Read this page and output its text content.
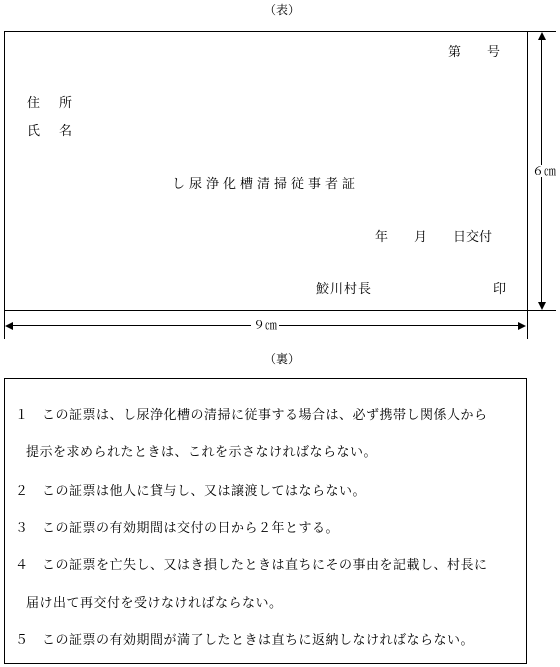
（表）
第　　号
住　所
氏　名
し尿浄化槽清掃従事者証
年　　月　　日交付
鮫川村長	印
６㎝
９㎝
（裏）
１　この証票は、し尿浄化槽の清掃に従事する場合は、必ず携帯し関係人から
提示を求められたときは、これを示さなければならない。
２　この証票は他人に貸与し、又は譲渡してはならない。
３　この証票の有効期間は交付の日から２年とする。
４　この証票を亡失し、又はき損したときは直ちにその事由を記載し、村長に
届け出て再交付を受けなければならない。
５　この証票の有効期間が満了したときは直ちに返納しなければならない。
